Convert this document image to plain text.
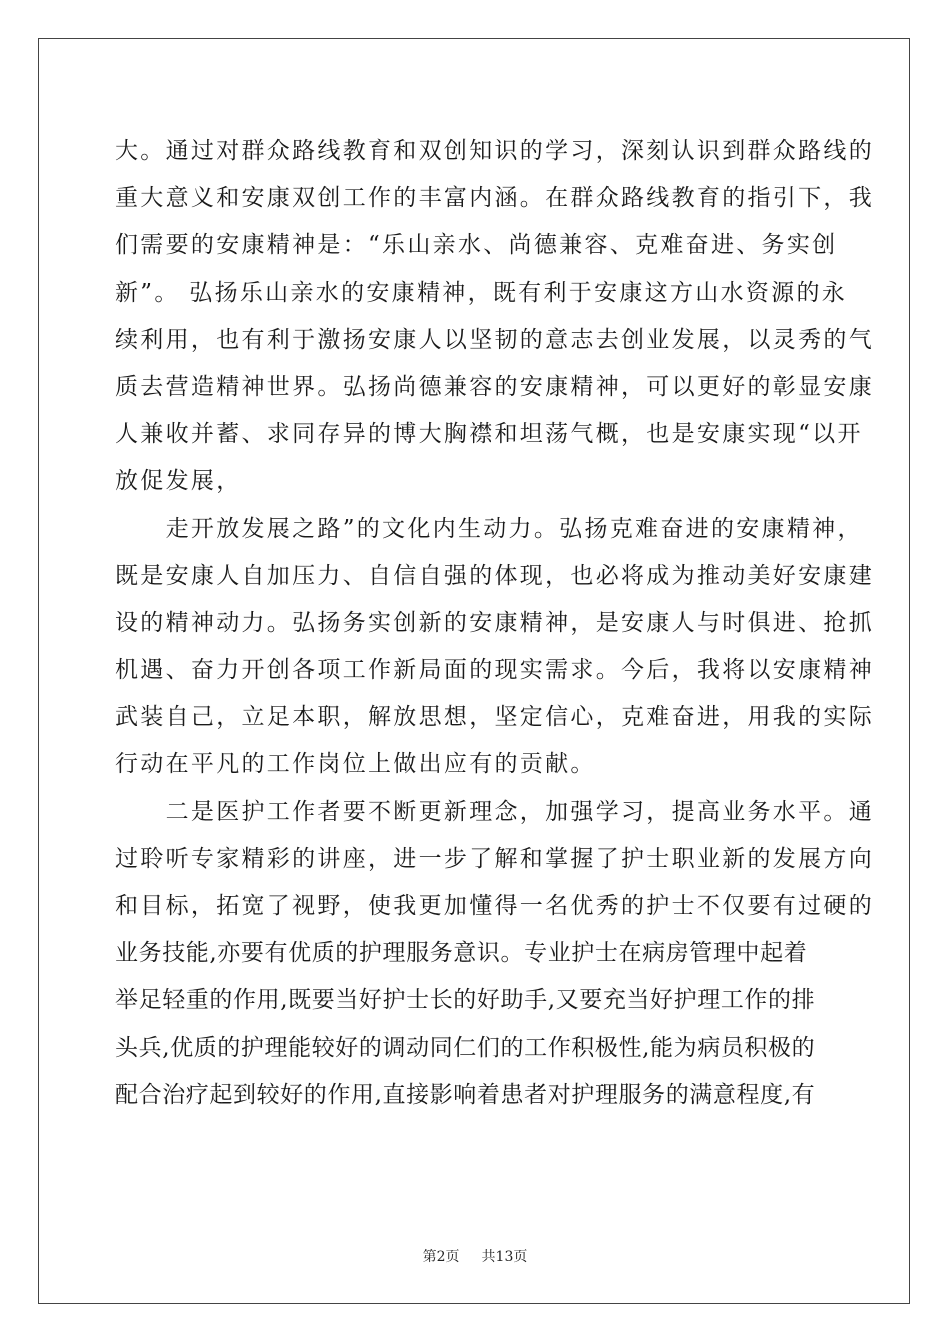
大。通过对群众路线教育和双创知识的学习，深刻认识到群众路线的
重大意义和安康双创工作的丰富内涵。在群众路线教育的指引下，我
们需要的安康精神是：“乐山亲水、尚德兼容、克难奋进、务实创
新”。 弘扬乐山亲水的安康精神，既有利于安康这方山水资源的永
续利用，也有利于激扬安康人以坚韧的意志去创业发展，以灵秀的气
质去营造精神世界。弘扬尚德兼容的安康精神，可以更好的彰显安康
人兼收并蓄、求同存异的博大胸襟和坦荡气概，也是安康实现“以开
放促发展，
　　走开放发展之路”的文化内生动力。弘扬克难奋进的安康精神，
既是安康人自加压力、自信自强的体现，也必将成为推动美好安康建
设的精神动力。弘扬务实创新的安康精神，是安康人与时俱进、抢抓
机遇、奋力开创各项工作新局面的现实需求。今后，我将以安康精神
武装自己，立足本职，解放思想，坚定信心，克难奋进，用我的实际
行动在平凡的工作岗位上做出应有的贡献。
　　二是医护工作者要不断更新理念，加强学习，提高业务水平。通
过聆听专家精彩的讲座，进一步了解和掌握了护士职业新的发展方向
和目标，拓宽了视野，使我更加懂得一名优秀的护士不仅要有过硬的
业务技能,亦要有优质的护理服务意识。专业护士在病房管理中起着
举足轻重的作用,既要当好护士长的好助手,又要充当好护理工作的排
头兵,优质的护理能较好的调动同仁们的工作积极性,能为病员积极的
配合治疗起到较好的作用,直接影响着患者对护理服务的满意程度,有
第2页 共13页
